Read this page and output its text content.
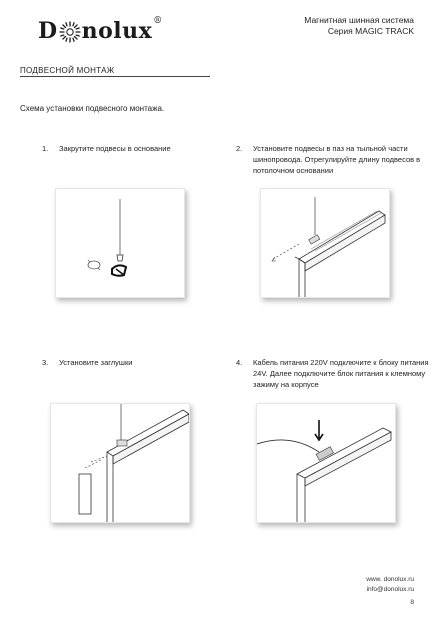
D nolux ®	Магнитная шинная система
Серия MAGIC TRACK
ПОДВЕСНОЙ МОНТАЖ
Схема установки подвесного монтажа.
1. Закрутите подвесы в основание	2. Установите подвесы в паз на тыльной части шинопровода. Отрегулируйте длину подвесов в потолочном основании
3. Установите заглушки	4. Кабель питания 220V подключите к блоку питания 24V. Далее подключите блок питания к клемному зажиму на корпусе
www. donolux.ru
info@donolux.ru
8
